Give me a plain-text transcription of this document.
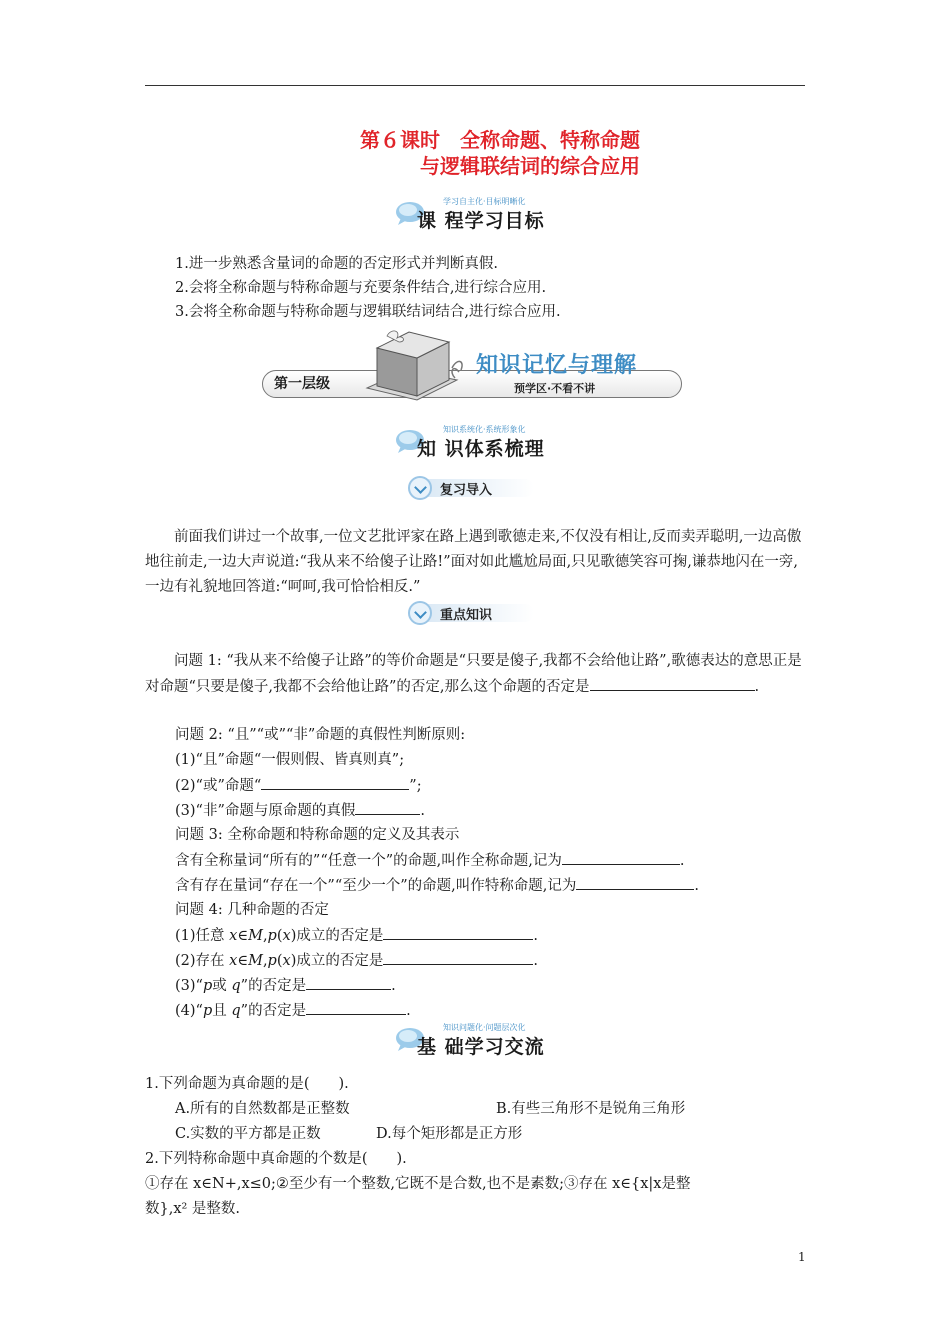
第６课时　全称命题、特称命题
与逻辑联结词的综合应用
学习自主化·目标明晰化
课 程学习目标
1.进一步熟悉含量词的命题的否定形式并判断真假.
2.会将全称命题与特称命题与充要条件结合,进行综合应用.
3.会将全称命题与特称命题与逻辑联结词结合,进行综合应用.
第一层级
知识记忆与理解
预学区·不看不讲
知识系统化·系统形象化
知 识体系梳理
复习导入
前面我们讲过一个故事,一位文艺批评家在路上遇到歌德走来,不仅没有相让,反而卖弄聪明,一边高傲地往前走,一边大声说道:“我从来不给傻子让路!”面对如此尴尬局面,只见歌德笑容可掬,谦恭地闪在一旁,一边有礼貌地回答道:“呵呵,我可恰恰相反.”
重点知识
问题 1: “我从来不给傻子让路”的等价命题是“只要是傻子,我都不会给他让路”,歌德表达的意思正是对命题“只要是傻子,我都不会给他让路”的否定,那么这个命题的否定是	.
问题 2: “且”“或”“非”命题的真假性判断原则:
(1)“且”命题“一假则假、皆真则真”;
(2)“或”命题“	”;
(3)“非”命题与原命题的真假	.
问题 3: 全称命题和特称命题的定义及其表示
含有全称量词“所有的”“任意一个”的命题,叫作全称命题,记为	.
含有存在量词“存在一个”“至少一个”的命题,叫作特称命题,记为	.
问题 4: 几种命题的否定
(1)任意 x∈M,p(x)成立的否定是	.
(2)存在 x∈M,p(x)成立的否定是	.
(3)“p或 q”的否定是	.
(4)“p且 q”的否定是	.
知识问题化·问题层次化
基 础学习交流
1.下列命题为真命题的是(　　).
A.所有的自然数都是正整数	B.有些三角形不是锐角三角形
C.实数的平方都是正数	D.每个矩形都是正方形
2.下列特称命题中真命题的个数是(　　).
①存在 x∈N+,x≤0;②至少有一个整数,它既不是合数,也不是素数;③存在 x∈{x|x是整
数},x² 是整数.
1
